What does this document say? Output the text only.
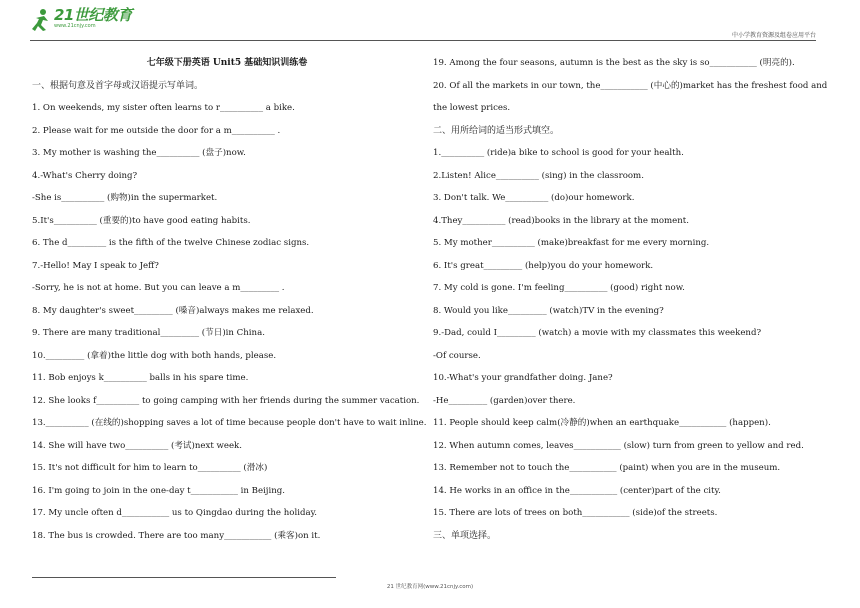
21世纪教育
www.21cnjy.com
中小学教育资源及组卷应用平台
七年级下册英语 Unit5 基础知识训练卷
一、根据句意及首字母或汉语提示写单词。
1. On weekends, my sister often learns to r__________ a bike.
2. Please wait for me outside the door for a m__________ .
3. My mother is washing the__________ (盘子)now.
4.-What's Cherry doing?
-She is__________ (购物)in the supermarket.
5.It's__________ (重要的)to have good eating habits.
6. The d_________ is the fifth of the twelve Chinese zodiac signs.
7.-Hello! May I speak to Jeff?
-Sorry, he is not at home. But you can leave a m_________ .
8. My daughter's sweet_________ (嗓音)always makes me relaxed.
9. There are many traditional_________ (节日)in China.
10._________ (拿着)the little dog with both hands, please.
11. Bob enjoys k__________ balls in his spare time.
12. She looks f__________ to going camping with her friends during the summer vacation.
13.__________ (在线的)shopping saves a lot of time because people don't have to wait inline.
14. She will have two__________ (考试)next week.
15. It's not difficult for him to learn to__________ (滑冰)
16. I'm going to join in the one-day t___________ in Beijing.
17. My uncle often d___________ us to Qingdao during the holiday.
18. The bus is crowded. There are too many___________ (乘客)on it.
19. Among the four seasons, autumn is the best as the sky is so___________ (明亮的).
20. Of all the markets in our town, the___________ (中心的)market has the freshest food and
the lowest prices.
二、用所给词的适当形式填空。
1.__________ (ride)a bike to school is good for your health.
2.Listen! Alice__________ (sing) in the classroom.
3. Don't talk. We__________ (do)our homework.
4.They__________ (read)books in the library at the moment.
5. My mother__________ (make)breakfast for me every morning.
6. It's great_________ (help)you do your homework.
7. My cold is gone. I'm feeling__________ (good) right now.
8. Would you like_________ (watch)TV in the evening?
9.-Dad, could I_________ (watch) a movie with my classmates this weekend?
-Of course.
10.-What's your grandfather doing. Jane?
-He_________ (garden)over there.
11. People should keep calm(冷静的)when an earthquake___________ (happen).
12. When autumn comes, leaves___________ (slow) turn from green to yellow and red.
13. Remember not to touch the___________ (paint) when you are in the museum.
14. He works in an office in the___________ (center)part of the city.
15. There are lots of trees on both___________ (side)of the streets.
三、单项选择。
21 世纪教育网(www.21cnjy.com)
